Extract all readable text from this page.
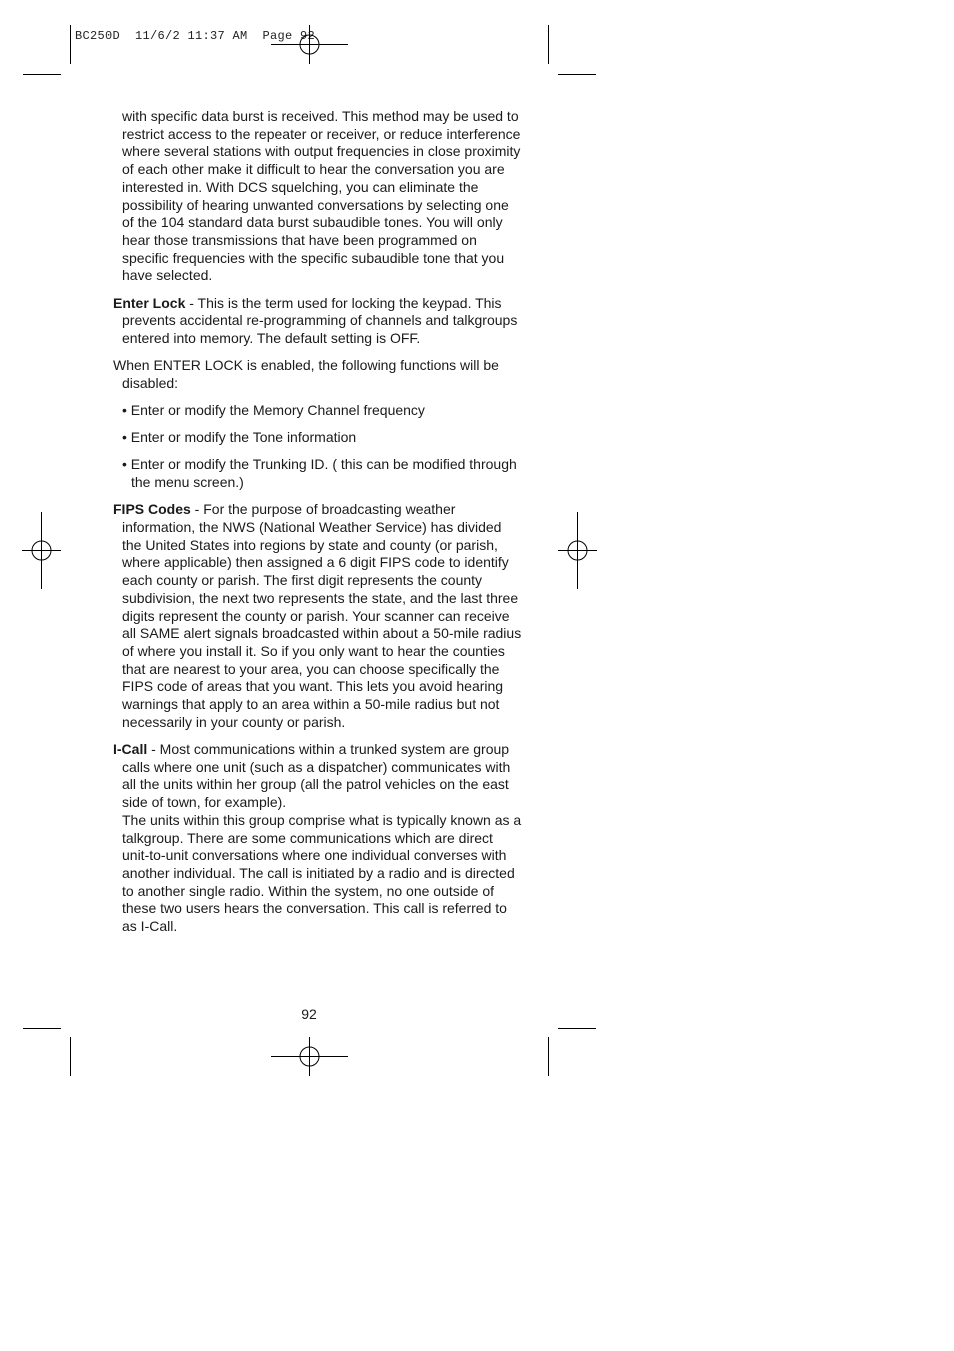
BC250D  11/6/2 11:37 AM  Page 92

with specific data burst is received. This method may be used to restrict access to the repeater or receiver, or reduce interference where several stations with output frequencies in close proximity of each other make it difficult to hear the conversation you are interested in. With DCS squelching, you can eliminate the possibility of hearing unwanted conversations by selecting one of the 104 standard data burst subaudible tones. You will only hear those transmissions that have been programmed on specific frequencies with the specific subaudible tone that you have selected.

Enter Lock - This is the term used for locking the keypad. This prevents accidental re-programming of channels and talkgroups entered into memory. The default setting is OFF.

When ENTER LOCK is enabled, the following functions will be disabled:

• Enter or modify the Memory Channel frequency

• Enter or modify the Tone information

• Enter or modify the Trunking ID. ( this can be modified through the menu screen.)

FIPS Codes - For the purpose of broadcasting weather information, the NWS (National Weather Service) has divided the United States into regions by state and county (or parish, where applicable) then assigned a 6 digit FIPS code to identify each county or parish. The first digit represents the county subdivision, the next two represents the state, and the last three digits represent the county or parish. Your scanner can receive all SAME alert signals broadcasted within about a 50-mile radius of where you install it. So if you only want to hear the counties that are nearest to your area, you can choose specifically the FIPS code of areas that you want. This lets you avoid hearing warnings that apply to an area within a 50-mile radius but not necessarily in your county or parish.

I-Call - Most communications within a trunked system are group calls where one unit (such as a dispatcher) communicates with all the units within her group (all the patrol vehicles on the east side of town, for example).
The units within this group comprise what is typically known as a talkgroup. There are some communications which are direct unit-to-unit conversations where one individual converses with another individual. The call is initiated by a radio and is directed to another single radio. Within the system, no one outside of these two users hears the conversation. This call is referred to as I-Call.

92
